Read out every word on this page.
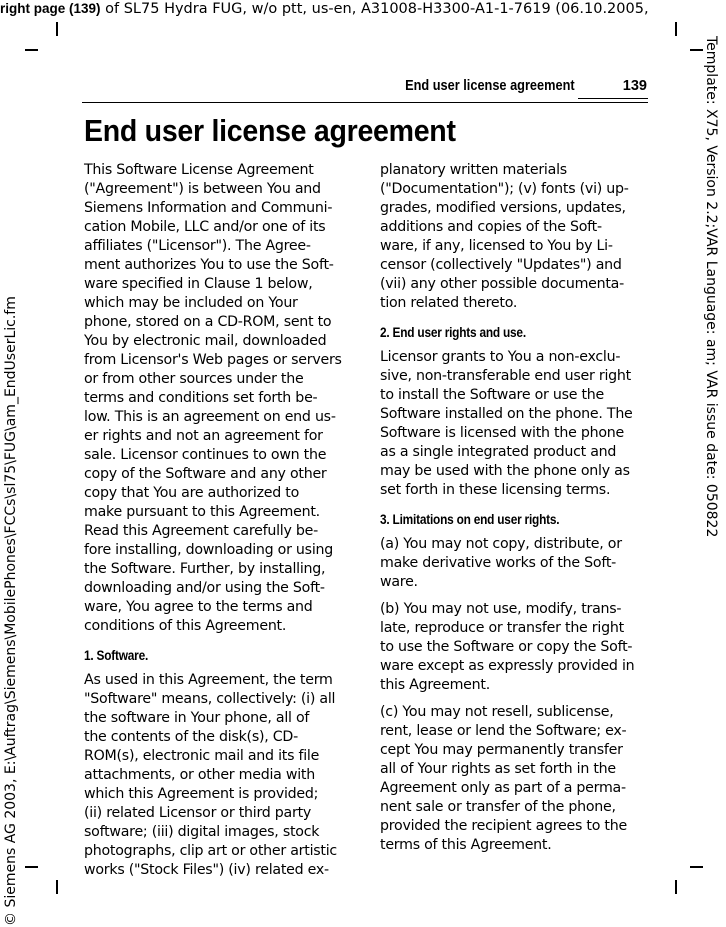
right page (139) of SL75 Hydra FUG, w/o ptt, us-en, A31008-H3300-A1-1-7619 (06.10.2005,
Template: X75, Version 2.2;VAR Language: am; VAR issue date: 050822
© Siemens AG 2003, E:\Auftrag\Siemens\MobilePhones\FCCs\sl75\FUG\am_EndUserLic.fm
End user license agreement	139
End user license agreement
This Software License Agreement
("Agreement") is between You and
Siemens Information and Communi-
cation Mobile, LLC and/or one of its
affiliates ("Licensor"). The Agree-
ment authorizes You to use the Soft-
ware specified in Clause 1 below,
which may be included on Your
phone, stored on a CD-ROM, sent to
You by electronic mail, downloaded
from Licensor's Web pages or servers
or from other sources under the
terms and conditions set forth be-
low. This is an agreement on end us-
er rights and not an agreement for
sale. Licensor continues to own the
copy of the Software and any other
copy that You are authorized to
make pursuant to this Agreement.
Read this Agreement carefully be-
fore installing, downloading or using
the Software. Further, by installing,
downloading and/or using the Soft-
ware, You agree to the terms and
conditions of this Agreement.
1. Software.
As used in this Agreement, the term
"Software" means, collectively: (i) all
the software in Your phone, all of
the contents of the disk(s), CD-
ROM(s), electronic mail and its file
attachments, or other media with
which this Agreement is provided;
(ii) related Licensor or third party
software; (iii) digital images, stock
photographs, clip art or other artistic
works ("Stock Files") (iv) related ex-
planatory written materials
("Documentation"); (v) fonts (vi) up-
grades, modified versions, updates,
additions and copies of the Soft-
ware, if any, licensed to You by Li-
censor (collectively "Updates") and
(vii) any other possible documenta-
tion related thereto.
2. End user rights and use.
Licensor grants to You a non-exclu-
sive, non-transferable end user right
to install the Software or use the
Software installed on the phone. The
Software is licensed with the phone
as a single integrated product and
may be used with the phone only as
set forth in these licensing terms.
3. Limitations on end user rights.
(a) You may not copy, distribute, or
make derivative works of the Soft-
ware.
(b) You may not use, modify, trans-
late, reproduce or transfer the right
to use the Software or copy the Soft-
ware except as expressly provided in
this Agreement.
(c) You may not resell, sublicense,
rent, lease or lend the Software; ex-
cept You may permanently transfer
all of Your rights as set forth in the
Agreement only as part of a perma-
nent sale or transfer of the phone,
provided the recipient agrees to the
terms of this Agreement.
